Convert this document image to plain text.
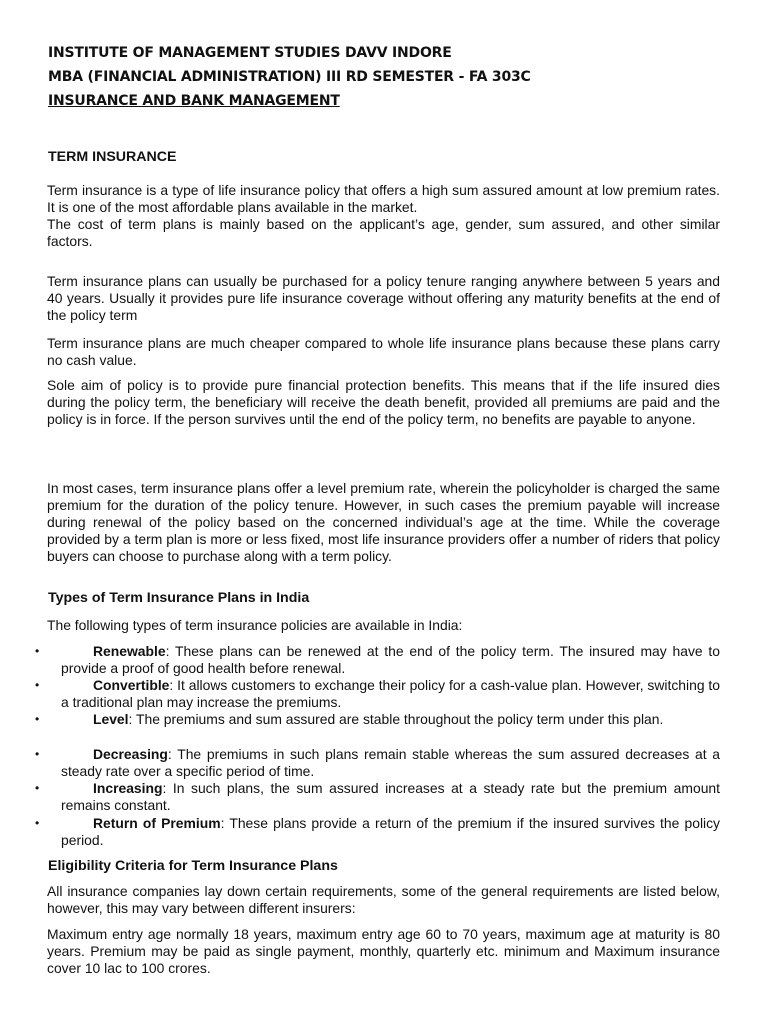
INSTITUTE OF MANAGEMENT STUDIES DAVV INDORE
MBA (FINANCIAL ADMINISTRATION) III RD SEMESTER - FA 303C
INSURANCE AND BANK MANAGEMENT
TERM INSURANCE
Term insurance is a type of life insurance policy that offers a high sum assured amount at low premium rates. It is one of the most affordable plans available in the market.
The cost of term plans is mainly based on the applicant’s age, gender, sum assured, and other similar factors.
Term insurance plans can usually be purchased for a policy tenure ranging anywhere between 5 years and 40 years. Usually it provides pure life insurance coverage without offering any maturity benefits at the end of the policy term
Term insurance plans are much cheaper compared to whole life insurance plans because these plans carry no cash value.
Sole aim of policy is to provide pure financial protection benefits. This means that if the life insured dies during the policy term, the beneficiary will receive the death benefit, provided all premiums are paid and the policy is in force. If the person survives until the end of the policy term, no benefits are payable to anyone.
In most cases, term insurance plans offer a level premium rate, wherein the policyholder is charged the same premium for the duration of the policy tenure. However, in such cases the premium payable will increase during renewal of the policy based on the concerned individual’s age at the time. While the coverage provided by a term plan is more or less fixed, most life insurance providers offer a number of riders that policy buyers can choose to purchase along with a term policy.
Types of Term Insurance Plans in India
The following types of term insurance policies are available in India:
•	Renewable: These plans can be renewed at the end of the policy term. The insured may have to provide a proof of good health before renewal.
•	Convertible: It allows customers to exchange their policy for a cash-value plan. However, switching to a traditional plan may increase the premiums.
•	Level: The premiums and sum assured are stable throughout the policy term under this plan.
•	Decreasing: The premiums in such plans remain stable whereas the sum assured decreases at a steady rate over a specific period of time.
•	Increasing: In such plans, the sum assured increases at a steady rate but the premium amount remains constant.
•	Return of Premium: These plans provide a return of the premium if the insured survives the policy period.
Eligibility Criteria for Term Insurance Plans
All insurance companies lay down certain requirements, some of the general requirements are listed below, however, this may vary between different insurers:
Maximum entry age normally 18 years, maximum entry age 60 to 70 years, maximum age at maturity is 80 years. Premium may be paid as single payment, monthly, quarterly etc. minimum and Maximum insurance cover 10 lac to 100 crores.
